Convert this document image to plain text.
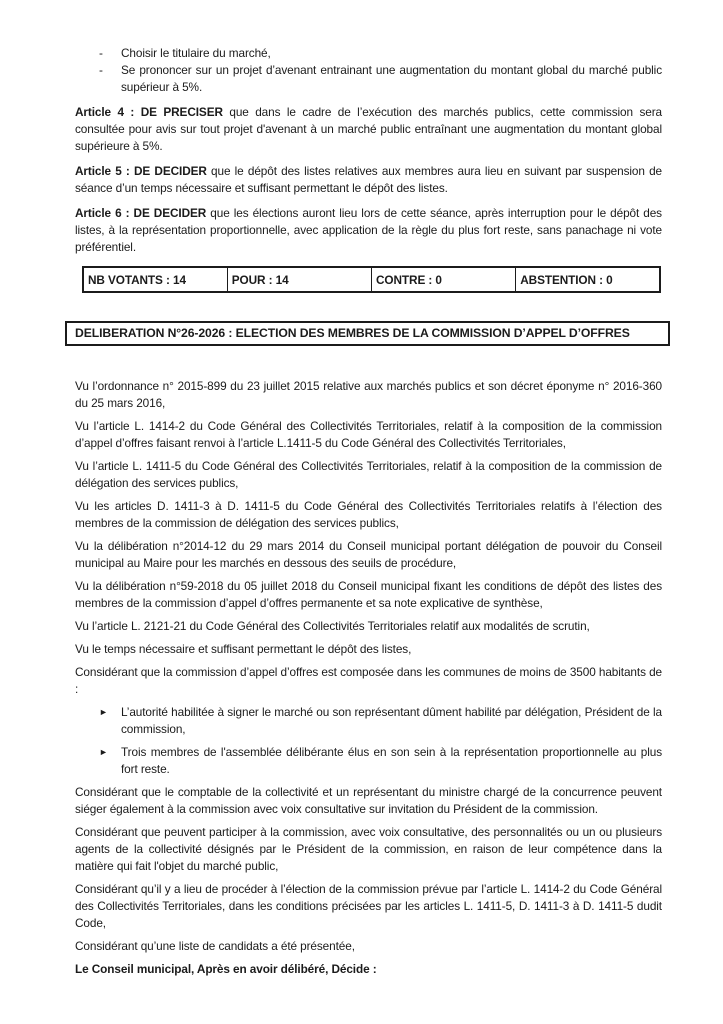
-	Choisir le titulaire du marché,
-	Se prononcer sur un projet d’avenant entrainant une augmentation du montant global du marché public supérieur à 5%.

Article 4 : DE PRECISER que dans le cadre de l’exécution des marchés publics, cette commission sera consultée pour avis sur tout projet d'avenant à un marché public entraînant une augmentation du montant global supérieure à 5%.

Article 5 : DE DECIDER que le dépôt des listes relatives aux membres aura lieu en suivant par suspension de séance d’un temps nécessaire et suffisant permettant le dépôt des listes.

Article 6 : DE DECIDER que les élections auront lieu lors de cette séance, après interruption pour le dépôt des listes, à la représentation proportionnelle, avec application de la règle du plus fort reste, sans panachage ni vote préférentiel.

NB VOTANTS : 14	POUR : 14	CONTRE : 0	ABSTENTION : 0
DELIBERATION N°26-2026 : ELECTION DES MEMBRES DE LA COMMISSION D’APPEL D’OFFRES

Vu l’ordonnance n° 2015-899 du 23 juillet 2015 relative aux marchés publics et son décret éponyme n° 2016-360 du 25 mars 2016,

Vu l’article L. 1414-2 du Code Général des Collectivités Territoriales, relatif à la composition de la commission d’appel d’offres faisant renvoi à l’article L.1411-5 du Code Général des Collectivités Territoriales,

Vu l’article L. 1411-5 du Code Général des Collectivités Territoriales, relatif à la composition de la commission de délégation des services publics,

Vu les articles D. 1411-3 à D. 1411-5 du Code Général des Collectivités Territoriales relatifs à l’élection des membres de la commission de délégation des services publics,

Vu la délibération n°2014-12 du 29 mars 2014 du Conseil municipal portant délégation de pouvoir du Conseil municipal au Maire pour les marchés en dessous des seuils de procédure,

Vu la délibération n°59-2018 du 05 juillet 2018 du Conseil municipal fixant les conditions de dépôt des listes des membres de la commission d’appel d’offres permanente et sa note explicative de synthèse,

Vu l’article L. 2121-21 du Code Général des Collectivités Territoriales relatif aux modalités de scrutin,

Vu le temps nécessaire et suffisant permettant le dépôt des listes,

Considérant que la commission d’appel d’offres est composée dans les communes de moins de 3500 habitants de :

►	L’autorité habilitée à signer le marché ou son représentant dûment habilité par délégation, Président de la commission,
►	Trois membres de l'assemblée délibérante élus en son sein à la représentation proportionnelle au plus fort reste.

Considérant que le comptable de la collectivité et un représentant du ministre chargé de la concurrence peuvent siéger également à la commission avec voix consultative sur invitation du Président de la commission.

Considérant que peuvent participer à la commission, avec voix consultative, des personnalités ou un ou plusieurs agents de la collectivité désignés par le Président de la commission, en raison de leur compétence dans la matière qui fait l'objet du marché public,

Considérant qu’il y a lieu de procéder à l’élection de la commission prévue par l’article L. 1414-2 du Code Général des Collectivités Territoriales, dans les conditions précisées par les articles L. 1411-5, D. 1411-3 à D. 1411-5 dudit Code,

Considérant qu’une liste de candidats a été présentée,

Le Conseil municipal, Après en avoir délibéré, Décide :
